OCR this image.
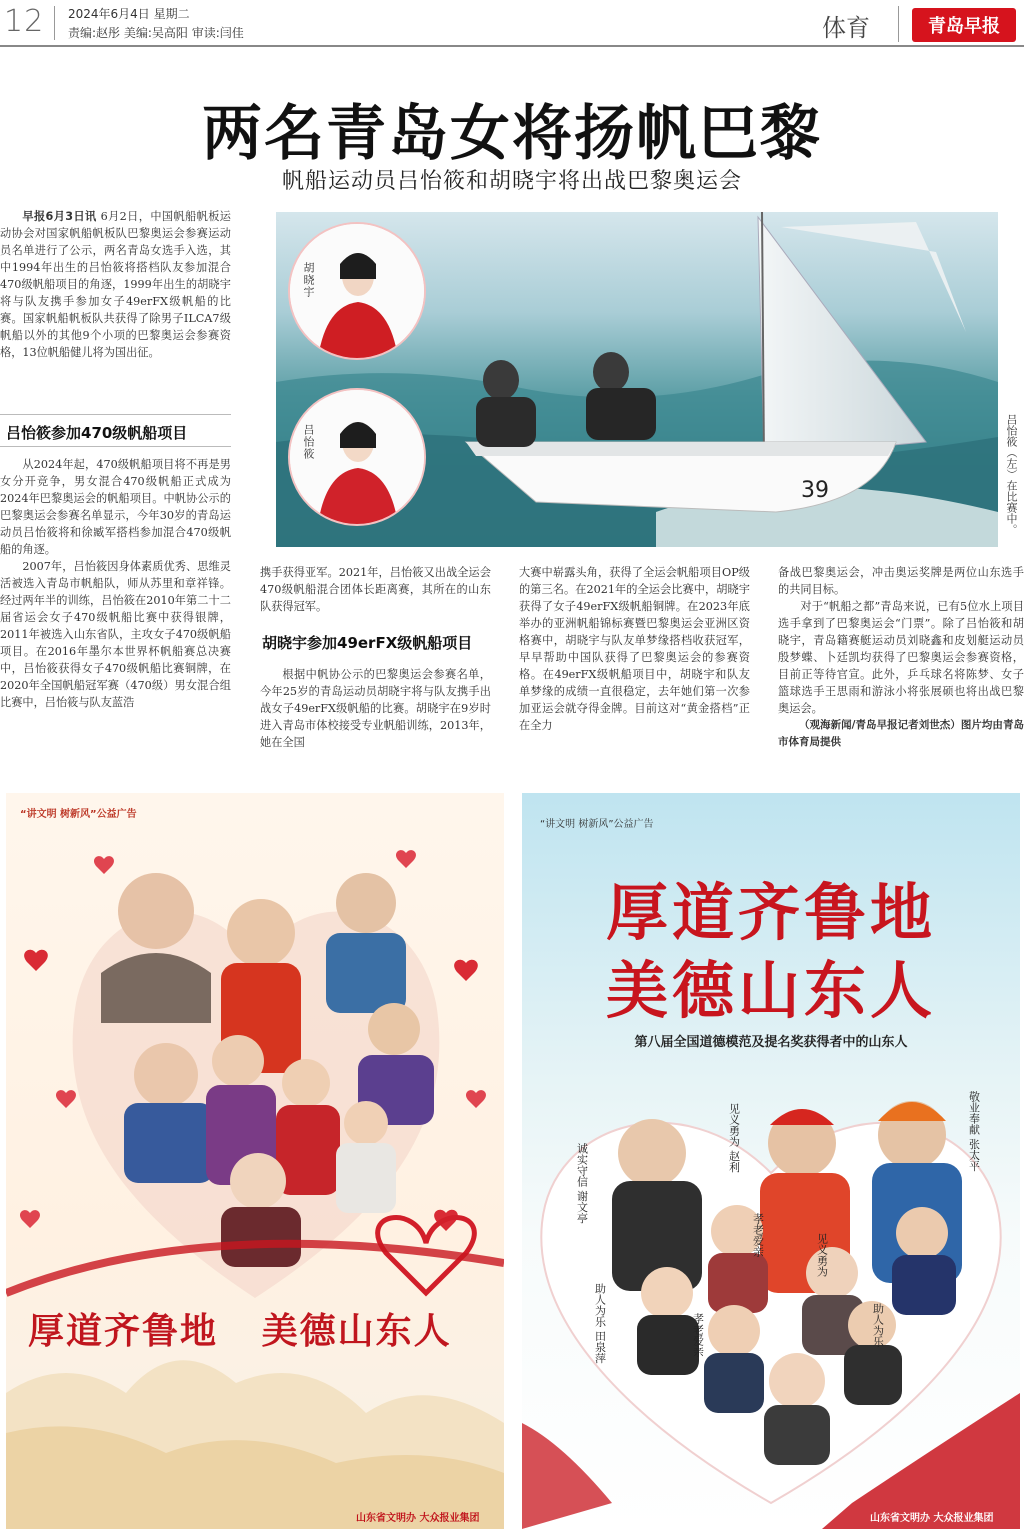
12 2024年6月4日 星期二
责编:赵彤 美编:吴高阳 审读:闫佳	体育	青岛早报
两名青岛女将扬帆巴黎
帆船运动员吕怡筱和胡晓宇将出战巴黎奥运会

早报6月3日讯 6月2日，中国帆船帆板运动协会对国家帆船帆板队巴黎奥运会参赛运动员名单进行了公示，两名青岛女选手入选，其中1994年出生的吕怡筱将搭档队友参加混合470级帆船项目的角逐，1999年出生的胡晓宇将与队友携手参加女子49erFX级帆船的比赛。国家帆船帆板队共获得了除男子ILCA7级帆船以外的其他9个小项的巴黎奥运会参赛资格，13位帆船健儿将为国出征。

吕怡筱参加470级帆船项目

从2024年起，470级帆船项目将不再是男女分开竞争，男女混合470级帆船正式成为2024年巴黎奥运会的帆船项目。中帆协公示的巴黎奥运会参赛名单显示，今年30岁的青岛运动员吕怡筱将和徐臧军搭档参加混合470级帆船的角逐。

2007年，吕怡筱因身体素质优秀、思维灵活被选入青岛市帆船队，师从苏里和章祥锋。经过两年半的训练，吕怡筱在2010年第二十二届省运会女子470级帆船比赛中获得银牌，2011年被选入山东省队，主攻女子470级帆船项目。在2016年墨尔本世界杯帆船赛总决赛中，吕怡筱获得女子470级帆船比赛铜牌，在2020年全国帆船冠军赛（470级）男女混合组比赛中，吕怡筱与队友蓝浩

携手获得亚军。2021年，吕怡筱又出战全运会470级帆船混合团体长距离赛，其所在的山东队获得冠军。

胡晓宇参加49erFX级帆船项目

根据中帆协公示的巴黎奥运会参赛名单，今年25岁的青岛运动员胡晓宇将与队友携手出战女子49erFX级帆船的比赛。胡晓宇在9岁时进入青岛市体校接受专业帆船训练，2013年，她在全国

大赛中崭露头角，获得了全运会帆船项目OP级的第三名。在2021年的全运会比赛中，胡晓宇获得了女子49erFX级帆船铜牌。在2023年底举办的亚洲帆船锦标赛暨巴黎奥运会亚洲区资格赛中，胡晓宇与队友单梦缘搭档收获冠军，早早帮助中国队获得了巴黎奥运会的参赛资格。在49erFX级帆船项目中，胡晓宇和队友单梦缘的成绩一直很稳定，去年她们第一次参加亚运会就夺得金牌。目前这对“黄金搭档”正在全力

备战巴黎奥运会，冲击奥运奖牌是两位山东选手的共同目标。

对于“帆船之都”青岛来说，已有5位水上项目选手拿到了巴黎奥运会“门票”。除了吕怡筱和胡晓宇，青岛籍赛艇运动员刘晓鑫和皮划艇运动员殷梦蝶、卜廷凯均获得了巴黎奥运会参赛资格，目前正等待官宣。此外，乒乓球名将陈梦、女子篮球选手王思雨和游泳小将张展硕也将出战巴黎奥运会。

（观海新闻/青岛早报记者刘世杰）图片均由青岛市体育局提供

39	吕怡筱（左）在比赛中。
胡晓宇
吕怡筱
“讲文明 树新风”公益广告
厚道齐鲁地   美德山东人
山东省文明办 大众报业集团
“讲文明 树新风”公益广告
厚道齐鲁地
美德山东人
第八届全国道德模范及提名奖获得者中的山东人
诚实守信 谢文亭
见义勇为 赵利	敬业奉献 张太平
助人为乐 田泉萍
孝老爱亲	见义勇为
孝老爱亲	助人为乐
山东省文明办 大众报业集团
